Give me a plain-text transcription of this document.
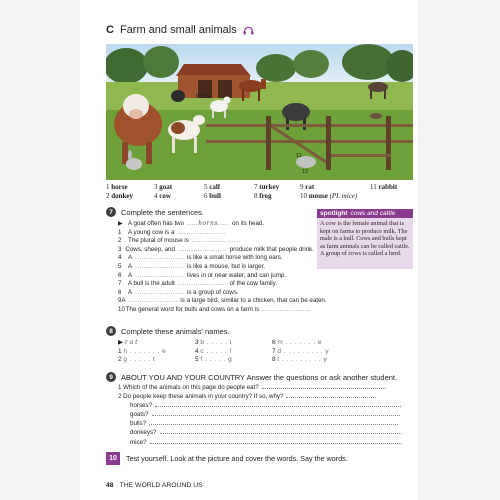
C Farm and small animals
horns
11
10
1 horse	3 goat	5 calf	7 turkey	9 rat	11 rabbit
2 donkey	4 cow	6 bull	8 frog	10 mouse (PL mice)
7	Complete the sentences.
▶ A goat often has two .....horns..... on its head.
1	A young cow is a ......................
2	The plural of mouse is ......................
3 Cows, sheep, and ...................... produce milk that people drink.
4	A ...................... is like a small horse with long ears.
5	A ...................... is like a mouse, but is larger.
6	A ...................... lives in or near water, and can jump.
7	A bull is the adult ...................... of the cow family.
8	A ...................... is a group of cows.
9 A ...................... is a large bird, similar to a chicken, that can be eaten.
10 The general word for bulls and cows on a farm is ......................
spotlight cows and cattle
A cow is the female animal that is kept on farms to produce milk. The male is a bull. Cows and bulls kept as farm animals can be called cattle. A group of cows is called a herd.
8	Complete these animals' names.
▶ r a t	3 b . . . . . l	6 m . . . . . . . e
1 h . . . . . . . e	4 c . . . . . f	7 d . . . . . . . . . y
2 g . . . . . t	5 f . . . . . g	8 t . . . . . . . . . y
9	ABOUT YOU AND YOUR COUNTRY Answer the questions or ask another student.
1 Which of the animals on this page do people eat?
2 Do people keep these animals in your country? If so, why?
horses?
goats?
bulls?
donkeys?
mice?
10	Test yourself. Look at the picture and cover the words. Say the words.
48 THE WORLD AROUND US
